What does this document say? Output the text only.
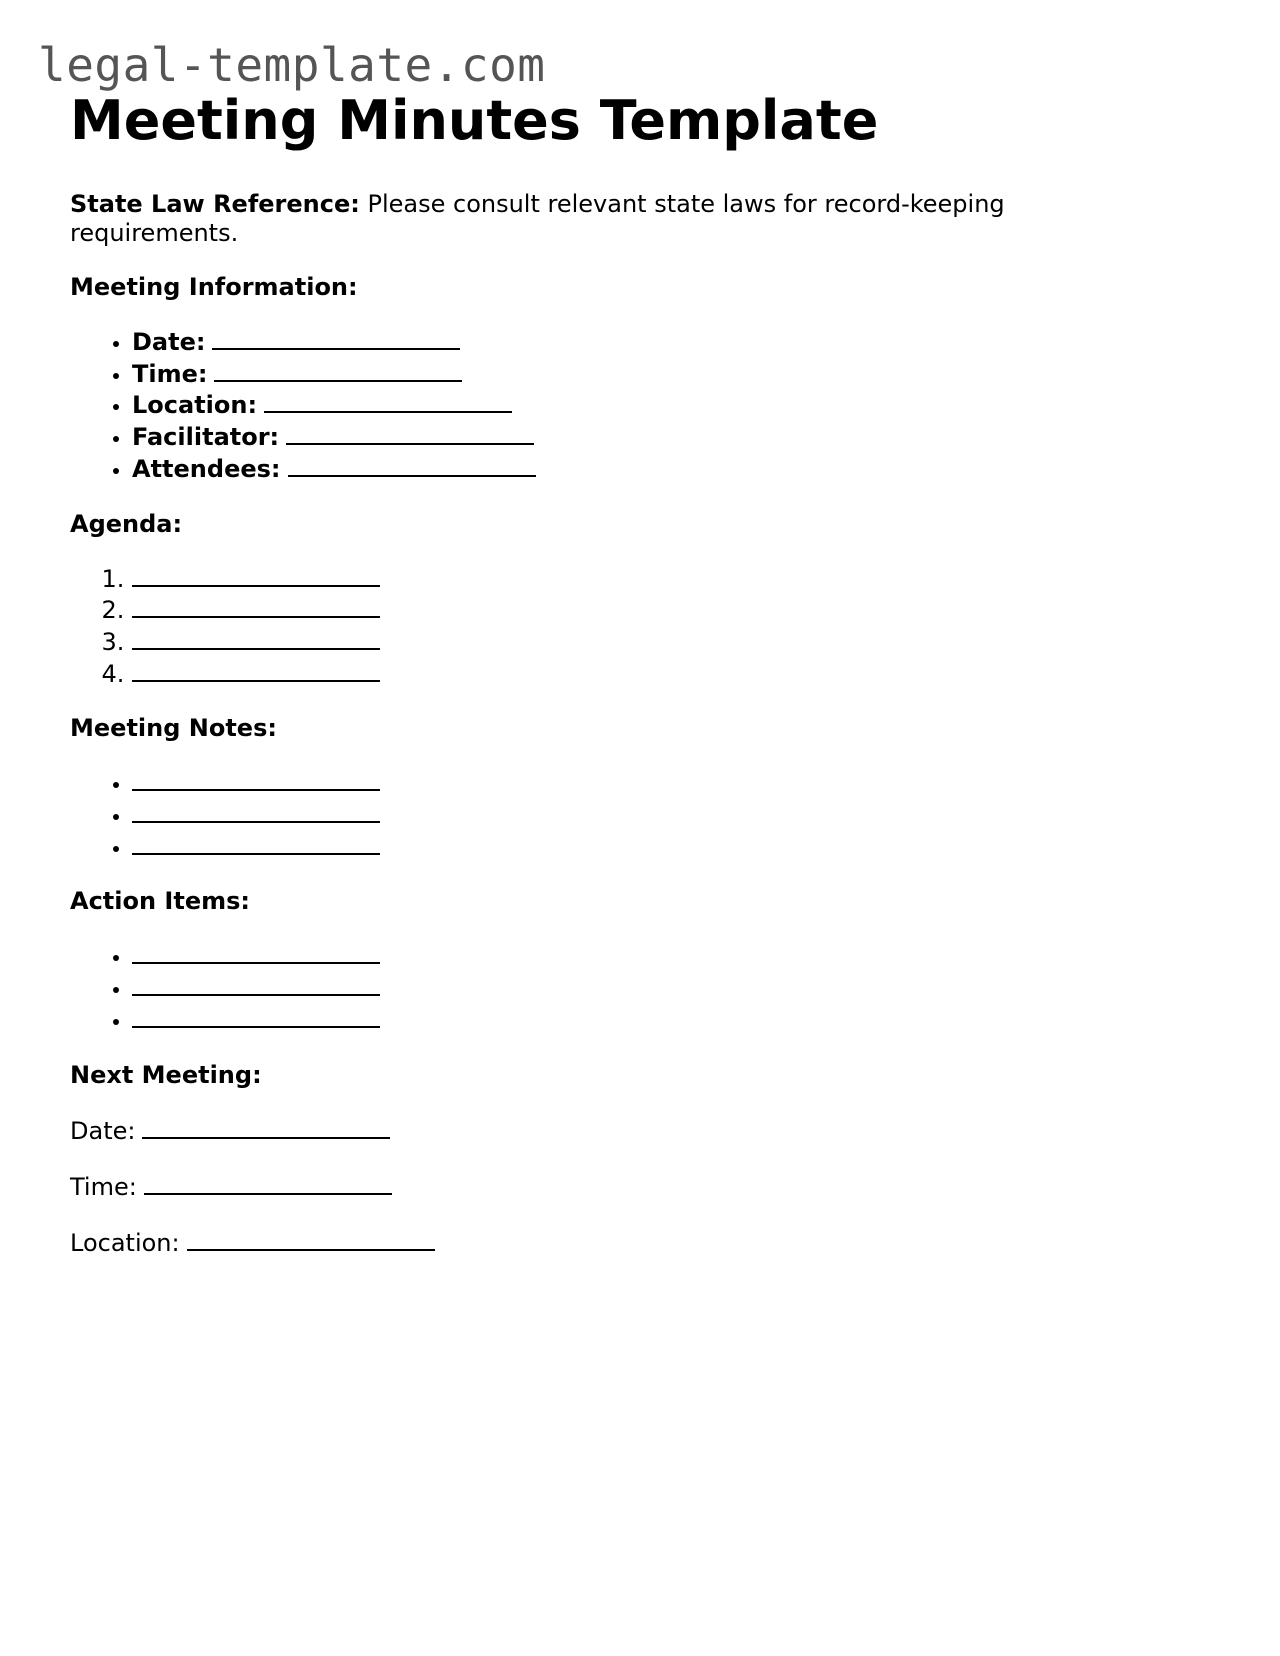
legal-template.com
Meeting Minutes Template

State Law Reference: Please consult relevant state laws for record-keeping requirements.

Meeting Information:

• Date:
• Time:
• Location:
• Facilitator:
• Attendees:

Agenda:

1.
2.
3.
4.

Meeting Notes:

•
•
•

Action Items:

•
•
•

Next Meeting:

Date:

Time:

Location:
